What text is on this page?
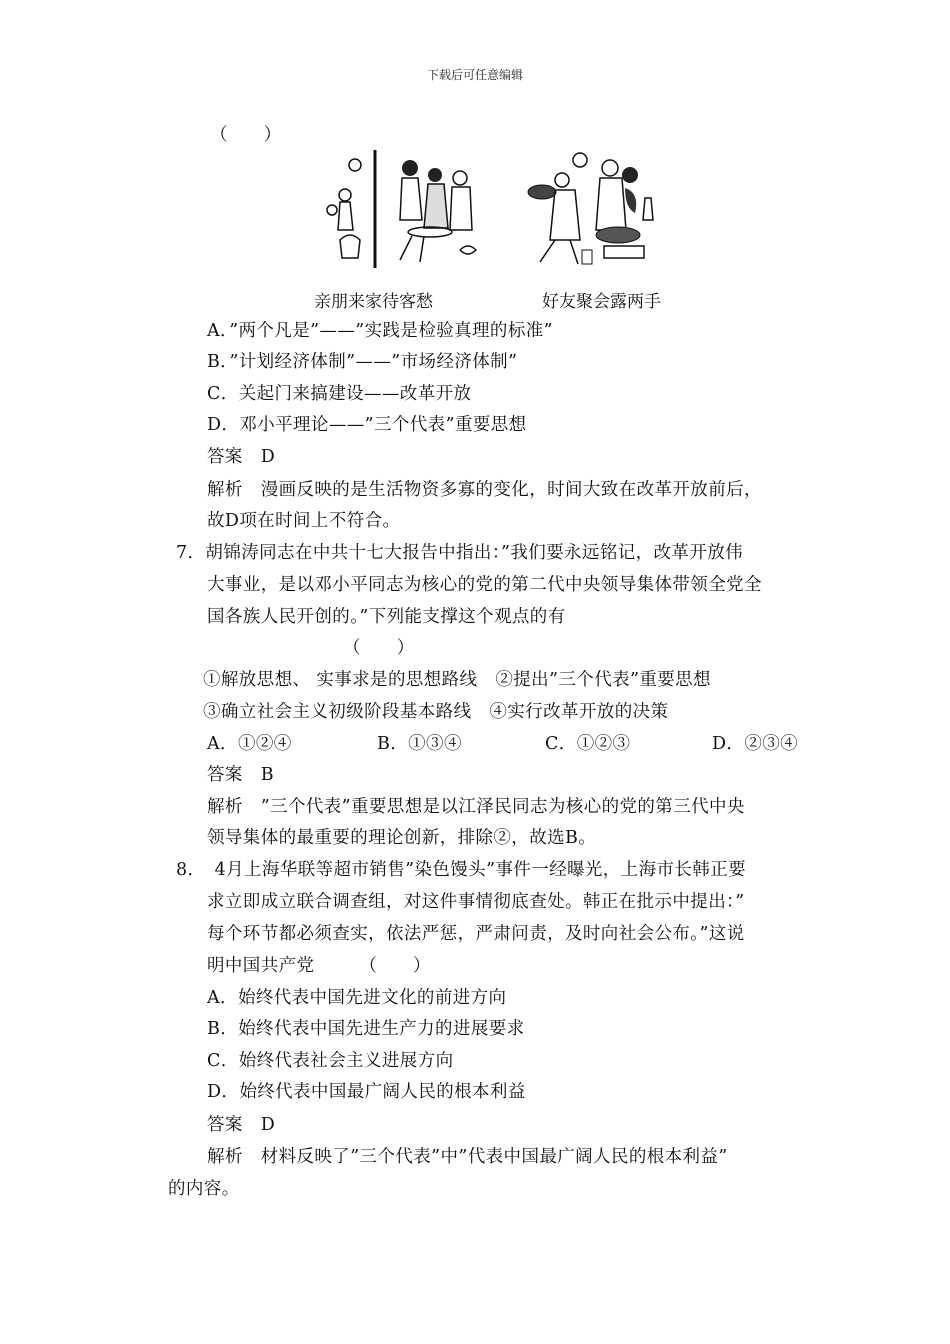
下载后可任意编辑
（　　）
亲朋来家待客愁	好友聚会露两手
A．”两个凡是”——”实践是检验真理的标准”
B．”计划经济体制”——”市场经济体制”
C．关起门来搞建设——改革开放
D．邓小平理论——”三个代表”重要思想
答案　D
解析　漫画反映的是生活物资多寡的变化，时间大致在改革开放前后，
故D项在时间上不符合。
7．胡锦涛同志在中共十七大报告中指出：”我们要永远铭记，改革开放伟
大事业，是以邓小平同志为核心的党的第二代中央领导集体带领全党全
国各族人民开创的。”下列能支撑这个观点的有
（　　）
①解放思想、 实事求是的思想路线　②提出”三个代表”重要思想
③确立社会主义初级阶段基本路线　④实行改革开放的决策
A．①②④	B．①③④	C．①②③	D．②③④
答案　B
解析　”三个代表”重要思想是以江泽民同志为核心的党的第三代中央
领导集体的最重要的理论创新，排除②，故选B。
8．　4月上海华联等超市销售”染色馒头”事件一经曝光，上海市长韩正要
求立即成立联合调查组，对这件事情彻底查处。韩正在批示中提出：”
每个环节都必须查实，依法严惩，严肃问责，及时向社会公布。”这说
明中国共产党　　　（　　）
A．始终代表中国先进文化的前进方向
B．始终代表中国先进生产力的进展要求
C．始终代表社会主义进展方向
D．始终代表中国最广阔人民的根本利益
答案　D
解析　材料反映了”三个代表”中”代表中国最广阔人民的根本利益”
的内容。
